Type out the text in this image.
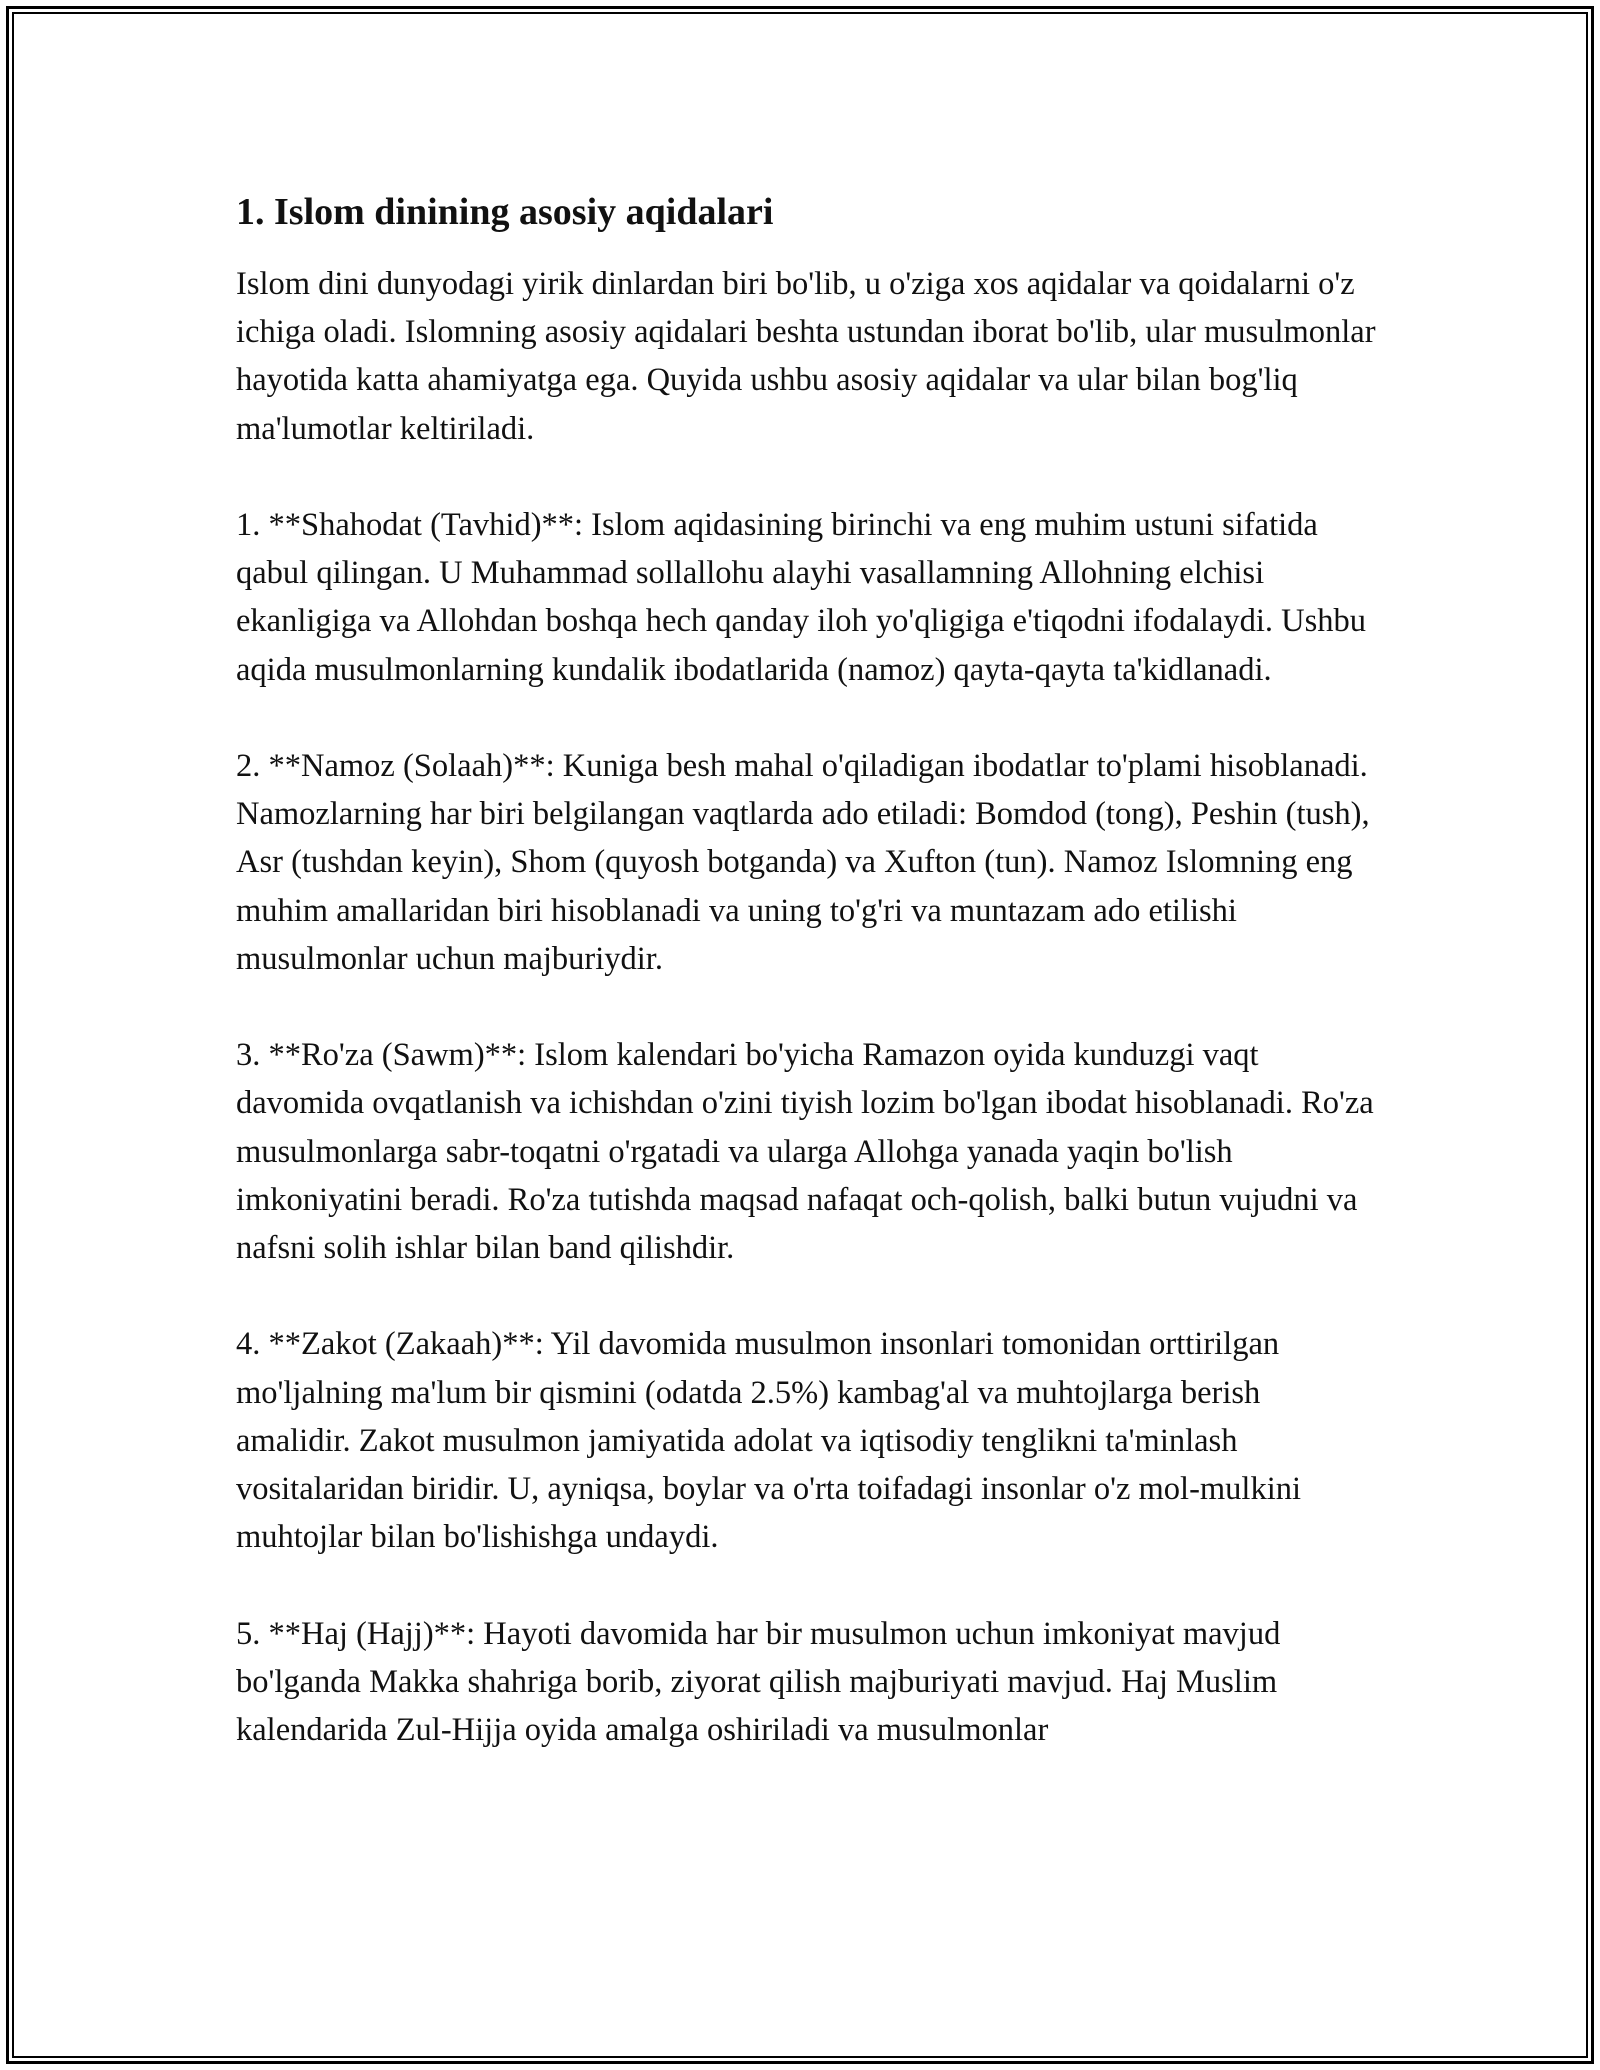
1. Islom dinining asosiy aqidalari

Islom dini dunyodagi yirik dinlardan biri bo'lib, u o'ziga xos aqidalar va qoidalarni o'z ichiga oladi. Islomning asosiy aqidalari beshta ustundan iborat bo'lib, ular musulmonlar hayotida katta ahamiyatga ega. Quyida ushbu asosiy aqidalar va ular bilan bog'liq ma'lumotlar keltiriladi.

1. **Shahodat (Tavhid)**: Islom aqidasining birinchi va eng muhim ustuni sifatida qabul qilingan. U Muhammad sollallohu alayhi vasallamning Allohning elchisi ekanligiga va Allohdan boshqa hech qanday iloh yo'qligiga e'tiqodni ifodalaydi. Ushbu aqida musulmonlarning kundalik ibodatlarida (namoz) qayta-qayta ta'kidlanadi.

2. **Namoz (Solaah)**: Kuniga besh mahal o'qiladigan ibodatlar to'plami hisoblanadi. Namozlarning har biri belgilangan vaqtlarda ado etiladi: Bomdod (tong), Peshin (tush), Asr (tushdan keyin), Shom (quyosh botganda) va Xufton (tun). Namoz Islomning eng muhim amallaridan biri hisoblanadi va uning to'g'ri va muntazam ado etilishi musulmonlar uchun majburiydir.

3. **Ro'za (Sawm)**: Islom kalendari bo'yicha Ramazon oyida kunduzgi vaqt davomida ovqatlanish va ichishdan o'zini tiyish lozim bo'lgan ibodat hisoblanadi. Ro'za musulmonlarga sabr-toqatni o'rgatadi va ularga Allohga yanada yaqin bo'lish imkoniyatini beradi. Ro'za tutishda maqsad nafaqat och-qolish, balki butun vujudni va nafsni solih ishlar bilan band qilishdir.

4. **Zakot (Zakaah)**: Yil davomida musulmon insonlari tomonidan orttirilgan mo'ljalning ma'lum bir qismini (odatda 2.5%) kambag'al va muhtojlarga berish amalidir. Zakot musulmon jamiyatida adolat va iqtisodiy tenglikni ta'minlash vositalaridan biridir. U, ayniqsa, boylar va o'rta toifadagi insonlar o'z mol-mulkini muhtojlar bilan bo'lishishga undaydi.

5. **Haj (Hajj)**: Hayoti davomida har bir musulmon uchun imkoniyat mavjud bo'lganda Makka shahriga borib, ziyorat qilish majburiyati mavjud. Haj Muslim kalendarida Zul-Hijja oyida amalga oshiriladi va musulmonlar
